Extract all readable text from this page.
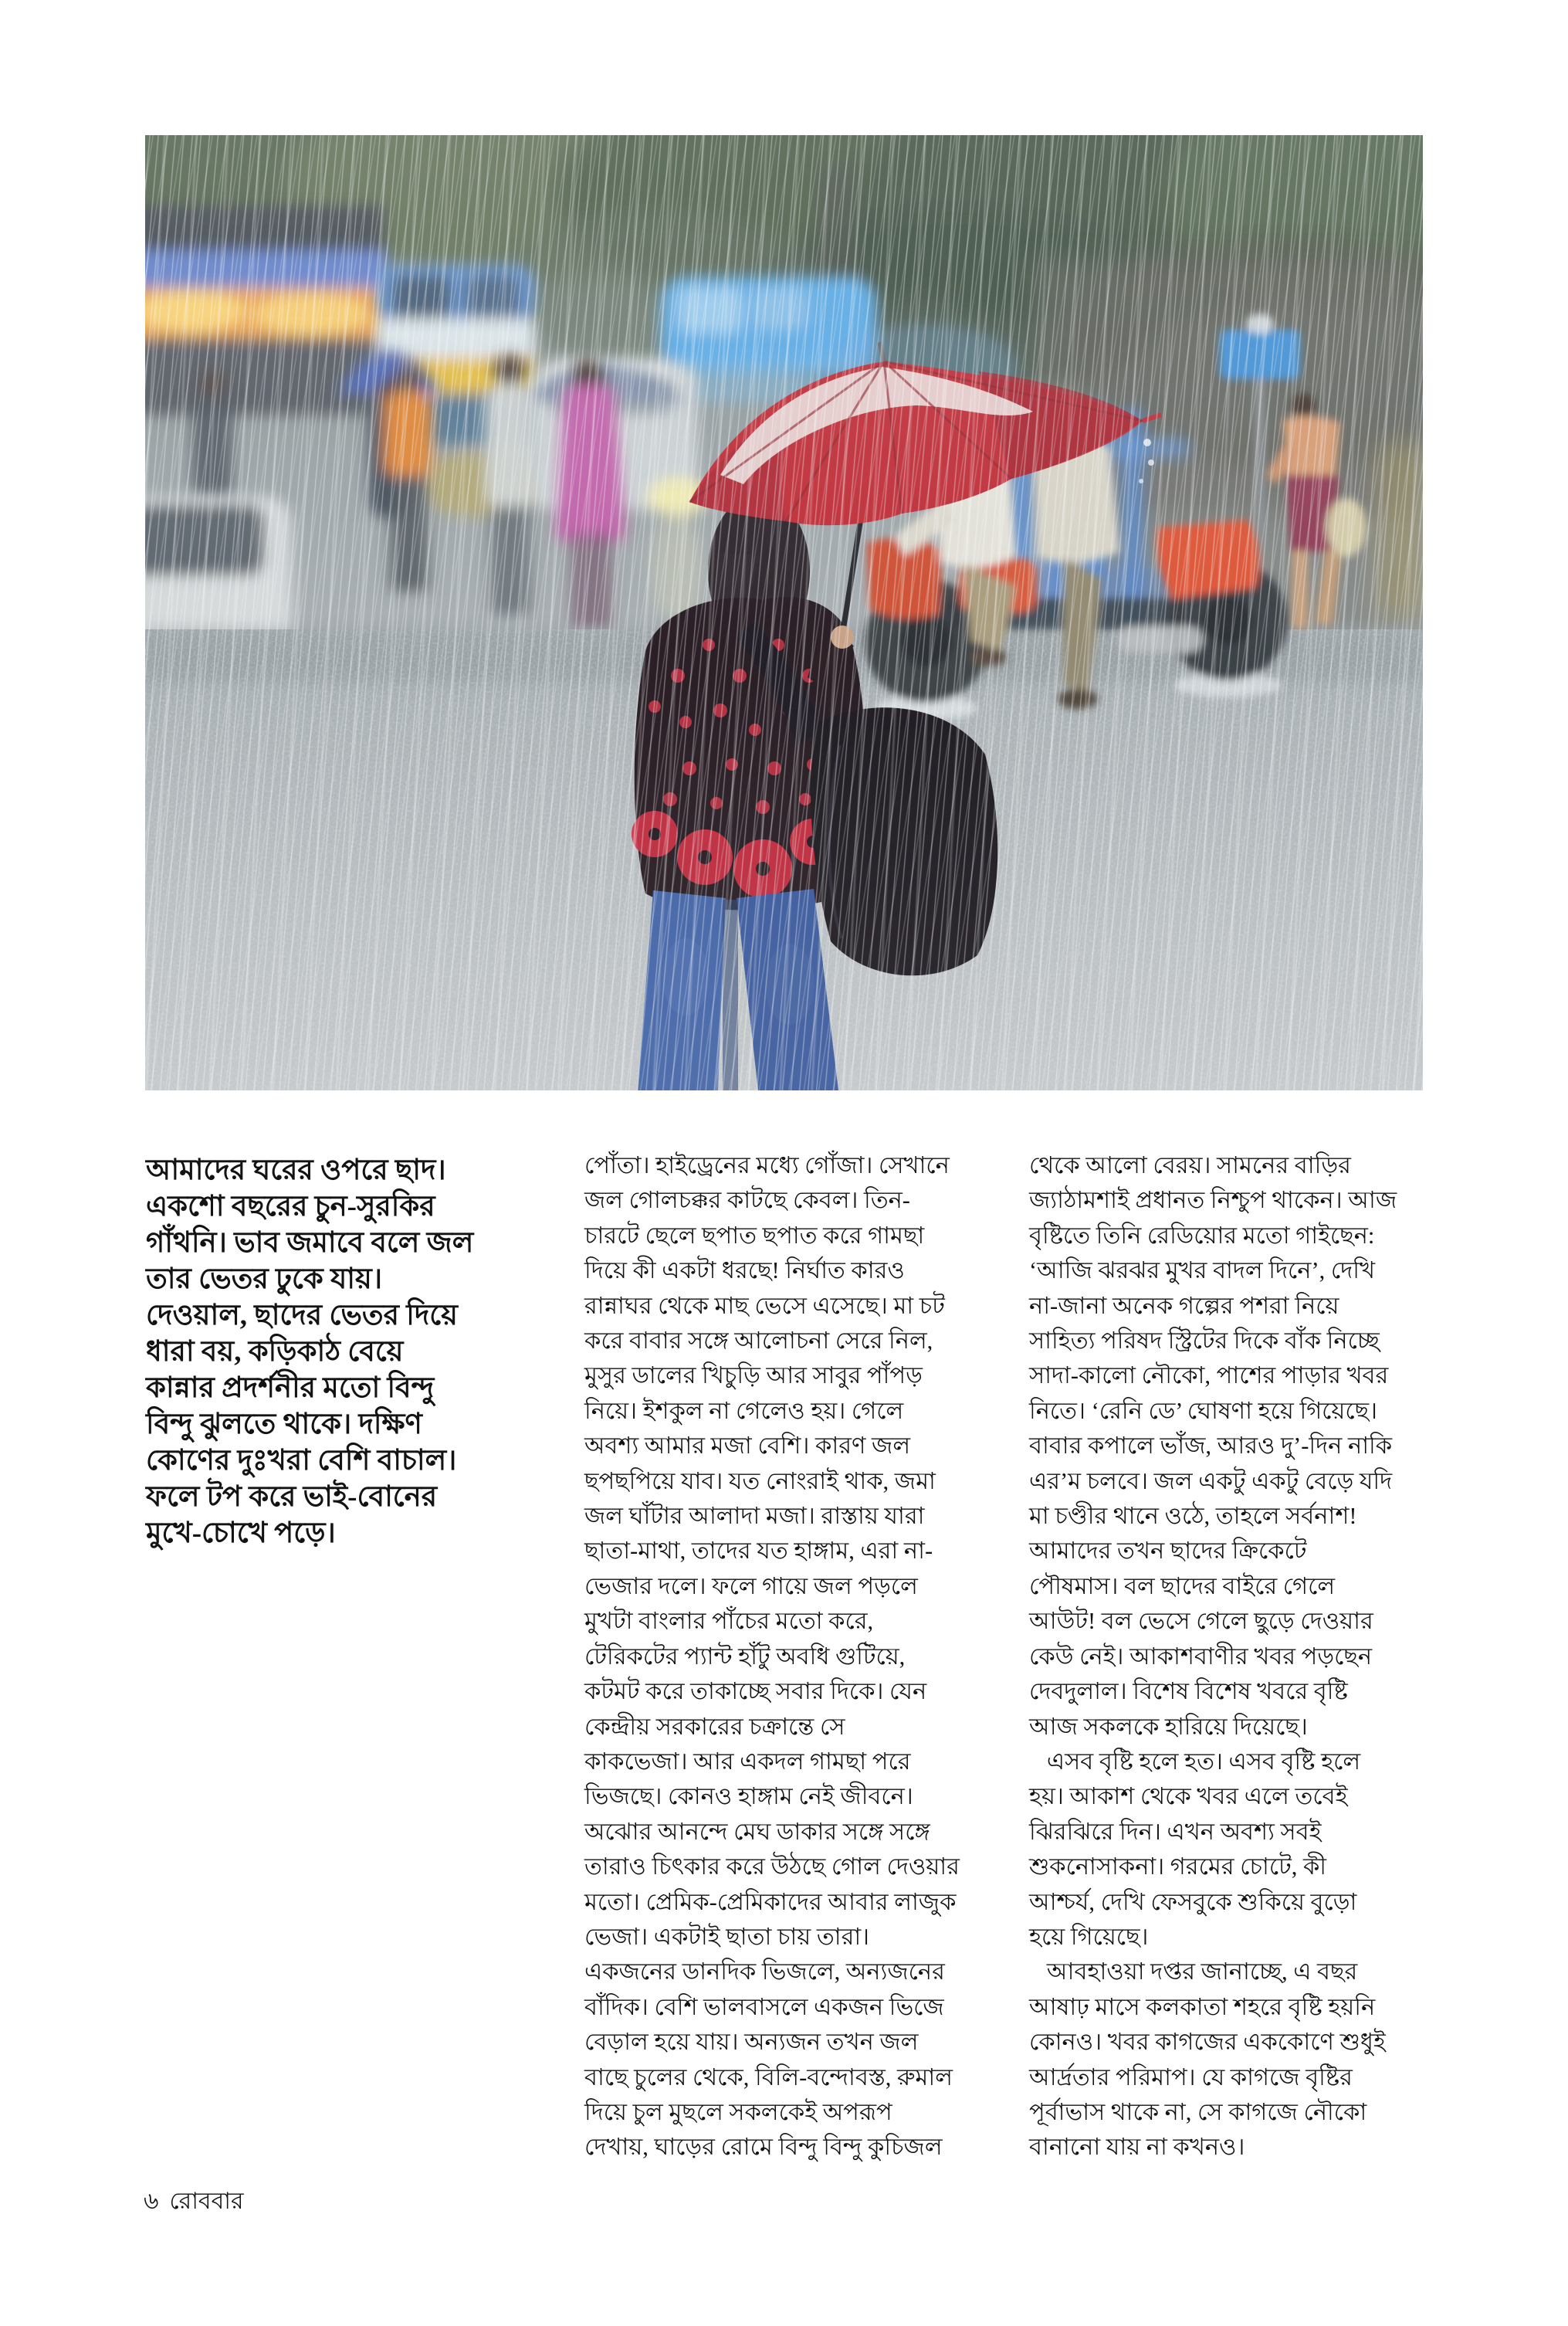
আমাদের ঘরের ওপরে ছাদ।
একশো বছরের চুন-সুরকির
গাঁথনি। ভাব জমাবে বলে জল
তার ভেতর ঢুকে যায়।
দেওয়াল, ছাদের ভেতর দিয়ে
ধারা বয়, কড়িকাঠ বেয়ে
কান্নার প্রদর্শনীর মতো বিন্দু
বিন্দু ঝুলতে থাকে। দক্ষিণ
কোণের দুঃখরা বেশি বাচাল।
ফলে টপ করে ভাই-বোনের
মুখে-চোখে পড়ে।
পোঁতা। হাইড্রেনের মধ্যে গোঁজা। সেখানে
জল গোলচক্কর কাটছে কেবল। তিন-
চারটে ছেলে ছপাত ছপাত করে গামছা
দিয়ে কী একটা ধরছে! নির্ঘাত কারও
রান্নাঘর থেকে মাছ ভেসে এসেছে। মা চট
করে বাবার সঙ্গে আলোচনা সেরে নিল,
মুসুর ডালের খিচুড়ি আর সাবুর পাঁপড়
নিয়ে। ইশকুল না গেলেও হয়। গেলে
অবশ্য আমার মজা বেশি। কারণ জল
ছপছপিয়ে যাব। যত নোংরাই থাক, জমা
জল ঘাঁটার আলাদা মজা। রাস্তায় যারা
ছাতা-মাথা, তাদের যত হাঙ্গাম, এরা না-
ভেজার দলে। ফলে গায়ে জল পড়লে
মুখটা বাংলার পাঁচের মতো করে,
টেরিকটের প্যান্ট হাঁটু অবধি গুটিয়ে,
কটমট করে তাকাচ্ছে সবার দিকে। যেন
কেন্দ্রীয় সরকারের চক্রান্তে সে
কাকভেজা। আর একদল গামছা পরে
ভিজছে। কোনও হাঙ্গাম নেই জীবনে।
অঝোর আনন্দে মেঘ ডাকার সঙ্গে সঙ্গে
তারাও চিৎকার করে উঠছে গোল দেওয়ার
মতো। প্রেমিক-প্রেমিকাদের আবার লাজুক
ভেজা। একটাই ছাতা চায় তারা।
একজনের ডানদিক ভিজলে, অন্যজনের
বাঁদিক। বেশি ভালবাসলে একজন ভিজে
বেড়াল হয়ে যায়। অন্যজন তখন জল
বাছে চুলের থেকে, বিলি-বন্দোবস্ত, রুমাল
দিয়ে চুল মুছলে সকলকেই অপরূপ
দেখায়, ঘাড়ের রোমে বিন্দু বিন্দু কুচিজল
থেকে আলো বেরয়। সামনের বাড়ির
জ্যাঠামশাই প্রধানত নিশ্চুপ থাকেন। আজ
বৃষ্টিতে তিনি রেডিয়োর মতো গাইছেন:
‘আজি ঝরঝর মুখর বাদল দিনে’, দেখি
না-জানা অনেক গল্পের পশরা নিয়ে
সাহিত্য পরিষদ স্ট্রিটের দিকে বাঁক নিচ্ছে
সাদা-কালো নৌকো, পাশের পাড়ার খবর
নিতে। ‘রেনি ডে’ ঘোষণা হয়ে গিয়েছে।
বাবার কপালে ভাঁজ, আরও দু’-দিন নাকি
এর’ম চলবে। জল একটু একটু বেড়ে যদি
মা চণ্ডীর থানে ওঠে, তাহলে সর্বনাশ!
আমাদের তখন ছাদের ক্রিকেটে
পৌষমাস। বল ছাদের বাইরে গেলে
আউট! বল ভেসে গেলে ছুড়ে দেওয়ার
কেউ নেই। আকাশবাণীর খবর পড়ছেন
দেবদুলাল। বিশেষ বিশেষ খবরে বৃষ্টি
আজ সকলকে হারিয়ে দিয়েছে।
এসব বৃষ্টি হলে হত। এসব বৃষ্টি হলে
হয়। আকাশ থেকে খবর এলে তবেই
ঝিরঝিরে দিন। এখন অবশ্য সবই
শুকনোসাকনা। গরমের চোটে, কী
আশ্চর্য, দেখি ফেসবুকে শুকিয়ে বুড়ো
হয়ে গিয়েছে।
আবহাওয়া দপ্তর জানাচ্ছে, এ বছর
আষাঢ় মাসে কলকাতা শহরে বৃষ্টি হয়নি
কোনও। খবর কাগজের এককোণে শুধুই
আর্দ্রতার পরিমাপ। যে কাগজে বৃষ্টির
পূর্বাভাস থাকে না, সে কাগজে নৌকো
বানানো যায় না কখনও।
৬ রোববার
